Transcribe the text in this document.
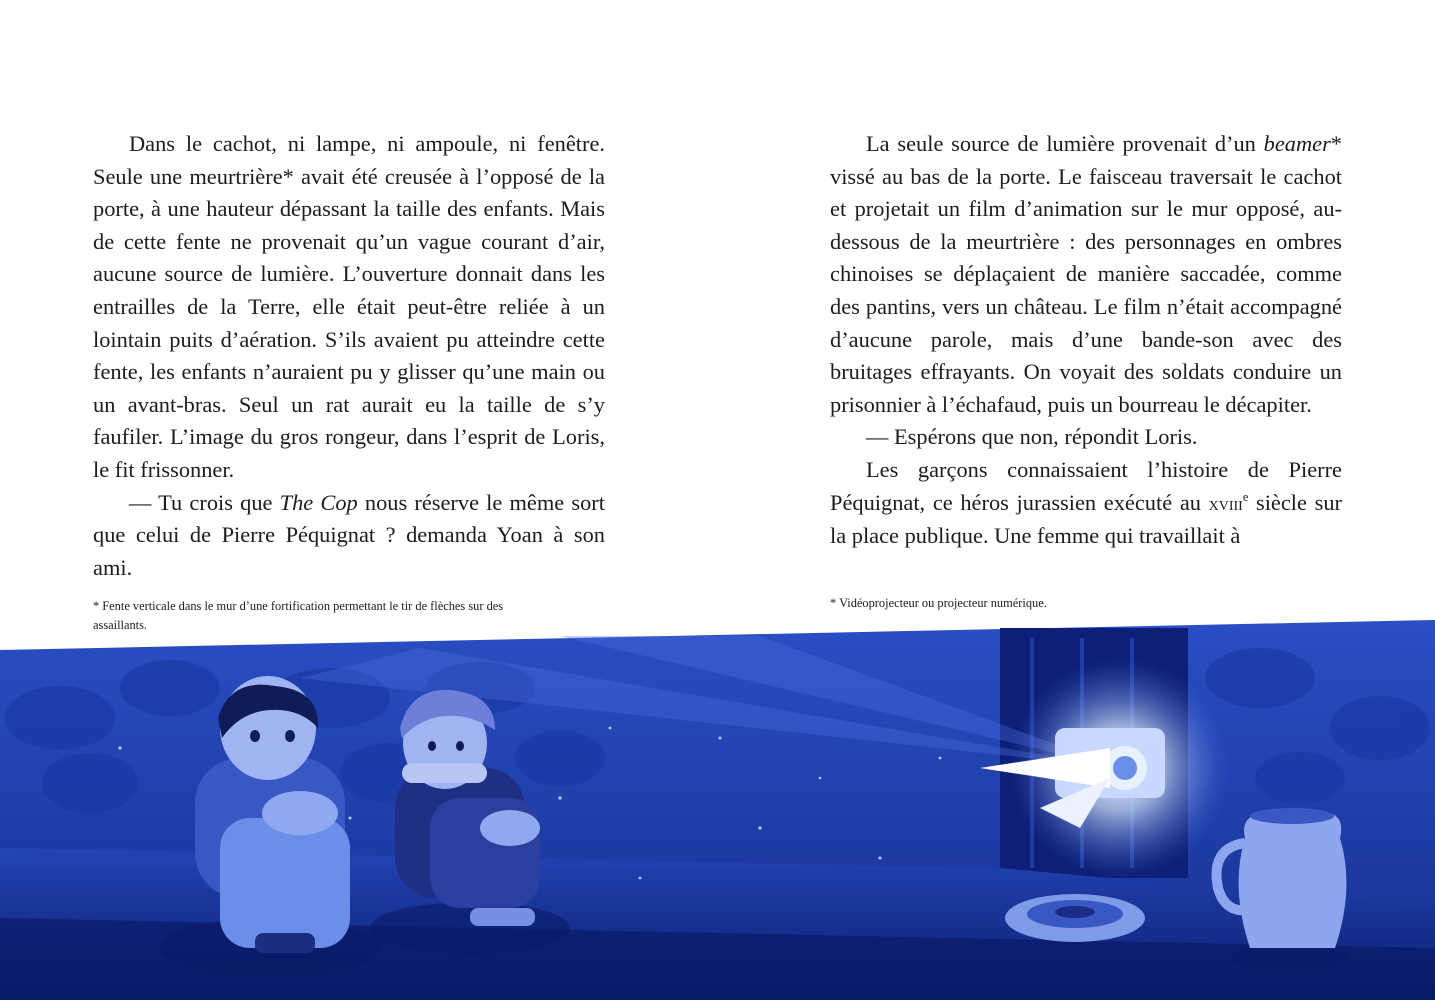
Dans le cachot, ni lampe, ni ampoule, ni fenêtre. Seule une meurtrière* avait été creusée à l’opposé de la porte, à une hauteur dépassant la taille des enfants. Mais de cette fente ne provenait qu’un vague courant d’air, aucune source de lumière. L’ouverture donnait dans les entrailles de la Terre, elle était peut-être reliée à un lointain puits d’aération. S’ils avaient pu atteindre cette fente, les enfants n’auraient pu y glisser qu’une main ou un avant-bras. Seul un rat aurait eu la taille de s’y faufiler. L’image du gros rongeur, dans l’esprit de Loris, le fit frissonner.

— Tu crois que The Cop nous réserve le même sort que celui de Pierre Péquignat ? demanda Yoan à son ami.

* Fente verticale dans le mur d’une fortification permettant le tir de flèches sur des assaillants.

La seule source de lumière provenait d’un beamer* vissé au bas de la porte. Le faisceau traversait le cachot et projetait un film d’animation sur le mur opposé, au-dessous de la meurtrière : des personnages en ombres chinoises se déplaçaient de manière saccadée, comme des pantins, vers un château. Le film n’était accompagné d’aucune parole, mais d’une bande-son avec des bruitages effrayants. On voyait des soldats conduire un prisonnier à l’échafaud, puis un bourreau le décapiter.

— Espérons que non, répondit Loris.

Les garçons connaissaient l’histoire de Pierre Péquignat, ce héros jurassien exécuté au xviii$^e$ siècle sur la place publique. Une femme qui travaillait à

* Vidéoprojecteur ou projecteur numérique.
